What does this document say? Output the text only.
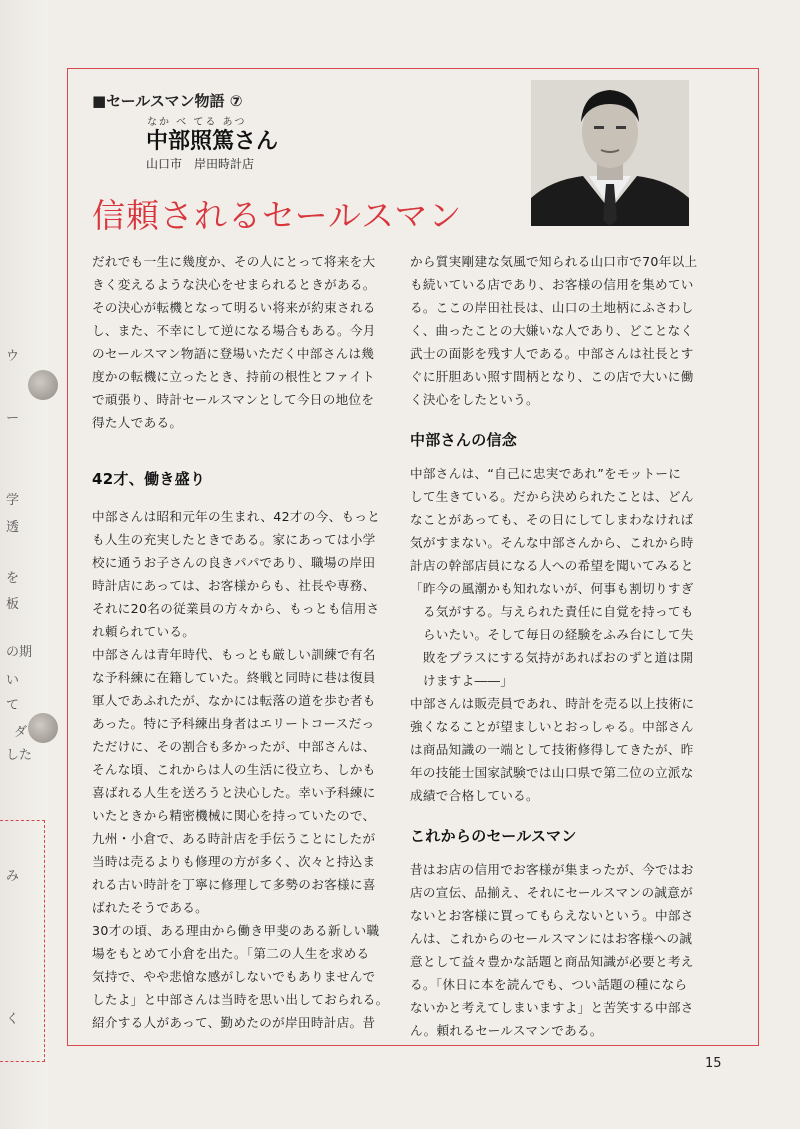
ウ
ー
学
透
を
板
の期
い
て
ダ
した
み
く
■セールスマン物語 ⑦
なか べ てる あつ
中部照篤さん
山口市　岸田時計店
信頼されるセールスマン

だれでも一生に幾度か、その人にとって将来を大

きく変えるような決心をせまられるときがある。

その決心が転機となって明るい将来が約束される

し、また、不幸にして逆になる場合もある。今月

のセールスマン物語に登場いただく中部さんは幾

度かの転機に立ったとき、持前の根性とファイト

で頑張り、時計セールスマンとして今日の地位を

得た人である。

42才、働き盛り

中部さんは昭和元年の生まれ、42才の今、もっと

も人生の充実したときである。家にあっては小学

校に通うお子さんの良きパパであり、職場の岸田

時計店にあっては、お客様からも、社長や専務、

それに20名の従業員の方々から、もっとも信用さ

れ頼られている。

中部さんは青年時代、もっとも厳しい訓練で有名

な予科練に在籍していた。終戦と同時に巷は復員

軍人であふれたが、なかには転落の道を歩む者も

あった。特に予科練出身者はエリートコースだっ

ただけに、その割合も多かったが、中部さんは、

そんな頃、これからは人の生活に役立ち、しかも

喜ばれる人生を送ろうと決心した。幸い予科練に

いたときから精密機械に関心を持っていたので、

九州・小倉で、ある時計店を手伝うことにしたが

当時は売るよりも修理の方が多く、次々と持込ま

れる古い時計を丁寧に修理して多勢のお客様に喜

ばれたそうである。

30才の頃、ある理由から働き甲斐のある新しい職

場をもとめて小倉を出た。「第二の人生を求める

気持で、やや悲愴な感がしないでもありませんで

したよ」と中部さんは当時を思い出しておられる。

紹介する人があって、勤めたのが岸田時計店。昔

から質実剛建な気風で知られる山口市で70年以上

も続いている店であり、お客様の信用を集めてい

る。ここの岸田社長は、山口の土地柄にふさわし

く、曲ったことの大嫌いな人であり、どことなく

武士の面影を残す人である。中部さんは社長とす

ぐに肝胆あい照す間柄となり、この店で大いに働

く決心をしたという。

中部さんの信念

中部さんは、“自己に忠実であれ”をモットーに

して生きている。だから決められたことは、どん

なことがあっても、その日にしてしまわなければ

気がすまない。そんな中部さんから、これから時

計店の幹部店員になる人への希望を聞いてみると

「昨今の風潮かも知れないが、何事も割切りすぎ

　る気がする。与えられた責任に自覚を持っても

　らいたい。そして毎日の経験をふみ台にして失

　敗をプラスにする気持があればおのずと道は開

　けますよ――」

中部さんは販売員であれ、時計を売る以上技術に

強くなることが望ましいとおっしゃる。中部さん

は商品知識の一端として技術修得してきたが、昨

年の技能士国家試験では山口県で第二位の立派な

成績で合格している。

これからのセールスマン

昔はお店の信用でお客様が集まったが、今ではお

店の宣伝、品揃え、それにセールスマンの誠意が

ないとお客様に買ってもらえないという。中部さ

んは、これからのセールスマンにはお客様への誠

意として益々豊かな話題と商品知識が必要と考え

る。「休日に本を読んでも、つい話題の種になら

ないかと考えてしまいますよ」と苦笑する中部さ

ん。頼れるセールスマンである。

15
